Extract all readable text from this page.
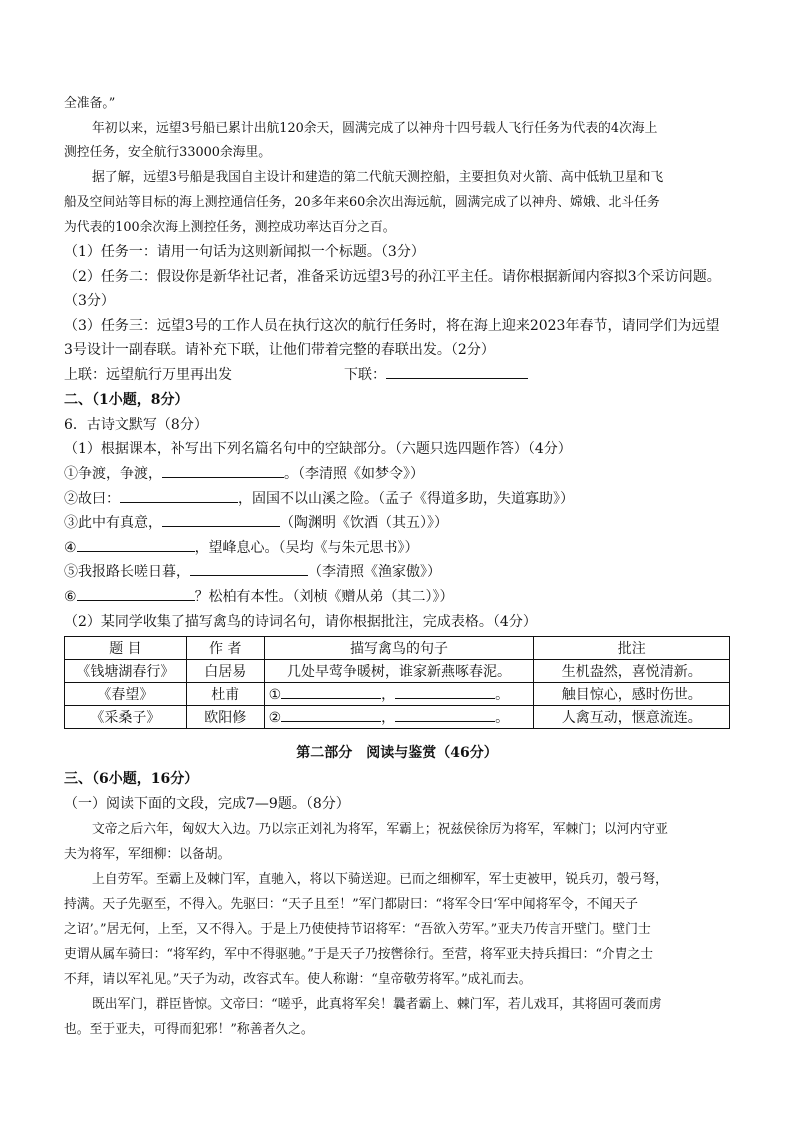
全准备。”
年初以来，远望3号船已累计出航120余天，圆满完成了以神舟十四号载人飞行任务为代表的4次海上
测控任务，安全航行33000余海里。
据了解，远望3号船是我国自主设计和建造的第二代航天测控船，主要担负对火箭、高中低轨卫星和飞
船及空间站等目标的海上测控通信任务，20多年来60余次出海远航，圆满完成了以神舟、嫦娥、北斗任务
为代表的100余次海上测控任务，测控成功率达百分之百。
（1）任务一：请用一句话为这则新闻拟一个标题。（3分）
（2）任务二：假设你是新华社记者，准备采访远望3号的孙江平主任。请你根据新闻内容拟3个采访问题。
（3分）
（3）任务三：远望3号的工作人员在执行这次的航行任务时，将在海上迎来2023年春节，请同学们为远望
3号设计一副春联。请补充下联，让他们带着完整的春联出发。（2分）
上联：远望航行万里再出发	下联：
二、（1小题，8分）
6．古诗文默写（8分）
（1）根据课本，补写出下列名篇名句中的空缺部分。（六题只选四题作答）（4分）
①争渡，争渡，	。（李清照《如梦令》）
②故曰：	，固国不以山溪之险。（孟子《得道多助，失道寡助》）
③此中有真意，	（陶渊明《饮酒（其五）》）
④	，望峰息心。（吴均《与朱元思书》）
⑤我报路长嗟日暮，	（李清照《渔家傲》）
⑥	？松柏有本性。（刘桢《赠从弟（其二）》）
（2）某同学收集了描写禽鸟的诗词名句，请你根据批注，完成表格。（4分）
题 目	作 者	描写禽鸟的句子	批注
《钱塘湖春行》	白居易	几处早莺争暖树，谁家新燕啄春泥。	生机盎然，喜悦清新。
《春望》	杜甫	① ， 。	触目惊心，感时伤世。
《采桑子》	欧阳修	② ， 。	人禽互动，惬意流连。
第二部分　阅读与鉴赏（46分）
三、（6小题，16分）
（一）阅读下面的文段，完成7—9题。（8分）
文帝之后六年，匈奴大入边。乃以宗正刘礼为将军，军霸上；祝兹侯徐厉为将军，军棘门；以河内守亚
夫为将军，军细柳：以备胡。
上自劳军。至霸上及棘门军，直驰入，将以下骑送迎。已而之细柳军，军士吏被甲，锐兵刃，彀弓弩，
持满。天子先驱至，不得入。先驱曰：“天子且至！”军门都尉曰：“将军令曰‘军中闻将军令，不闻天子
之诏’。”居无何，上至，又不得入。于是上乃使使持节诏将军：“吾欲入劳军。”亚夫乃传言开壁门。壁门士
吏谓从属车骑曰：“将军约，军中不得驱驰。”于是天子乃按辔徐行。至营，将军亚夫持兵揖曰：“介胄之士
不拜，请以军礼见。”天子为动，改容式车。使人称谢：“皇帝敬劳将军。”成礼而去。
既出军门，群臣皆惊。文帝曰：“嗟乎，此真将军矣！曩者霸上、棘门军，若儿戏耳，其将固可袭而虏
也。至于亚夫，可得而犯邪！”称善者久之。
